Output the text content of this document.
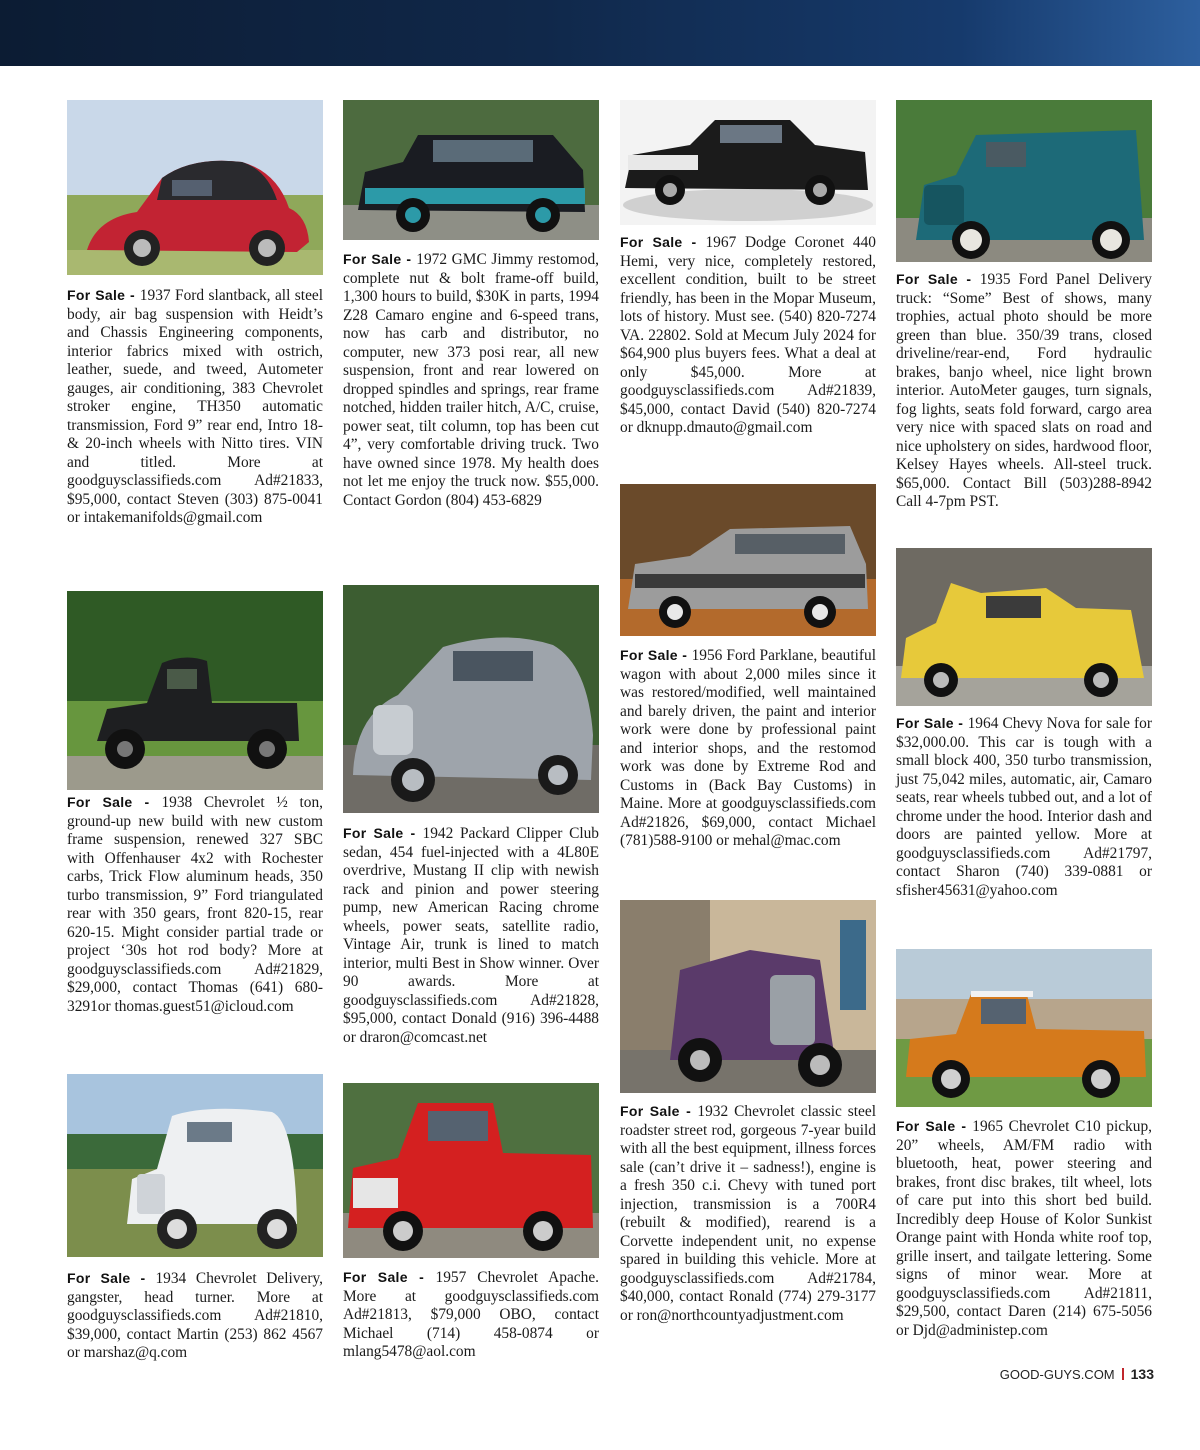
For Sale - 1937 Ford slantback, all steel body, air bag suspension with Heidt’s and Chassis Engineering components, interior fabrics mixed with ostrich, leather, suede, and tweed, Autometer gauges, air conditioning, 383 Chevrolet stroker engine, TH350 automatic transmission, Ford 9” rear end, Intro 18- & 20-inch wheels with Nitto tires. VIN and titled. More at goodguysclassifieds.com Ad#21833, $95,000, contact Steven (303) 875-0041 or intakemanifolds@gmail.com

For Sale - 1938 Chevrolet ½ ton, ground-up new build with new custom frame suspension, renewed 327 SBC with Offenhauser 4x2 with Rochester carbs, Trick Flow aluminum heads, 350 turbo transmission, 9” Ford triangulated rear with 350 gears, front 820-15, rear 620-15. Might consider partial trade or project ‘30s hot rod body? More at goodguysclassifieds.com Ad#21829, $29,000, contact Thomas (641) 680-3291or thomas.guest51@icloud.com

For Sale - 1934 Chevrolet Delivery, gangster, head turner. More at goodguysclassifieds.com Ad#21810, $39,000, contact Martin (253) 862 4567 or marshaz@q.com

For Sale - 1972 GMC Jimmy restomod, complete nut & bolt frame-off build, 1,300 hours to build, $30K in parts, 1994 Z28 Camaro engine and 6-speed trans, now has carb and distributor, no computer, new 373 posi rear, all new suspension, front and rear lowered on dropped spindles and springs, rear frame notched, hidden trailer hitch, A/C, cruise, power seat, tilt column, top has been cut 4”, very comfortable driving truck. Two have owned since 1978. My health does not let me enjoy the truck now. $55,000. Contact Gordon (804) 453-6829

For Sale - 1942 Packard Clipper Club sedan, 454 fuel-injected with a 4L80E overdrive, Mustang II clip with newish rack and pinion and power steering pump, new American Racing chrome wheels, power seats, satellite radio, Vintage Air, trunk is lined to match interior, multi Best in Show winner. Over 90 awards. More at goodguysclassifieds.com Ad#21828, $95,000, contact Donald (916) 396-4488 or draron@comcast.net

For Sale - 1957 Chevrolet Apache. More at goodguysclassifieds.com Ad#21813, $79,000 OBO, contact Michael (714) 458-0874 or mlang5478@aol.com

For Sale - 1967 Dodge Coronet 440 Hemi, very nice, completely restored, excellent condition, built to be street friendly, has been in the Mopar Museum, lots of history. Must see. (540) 820-7274 VA. 22802. Sold at Mecum July 2024 for $64,900 plus buyers fees. What a deal at only $45,000. More at goodguysclassifieds.com Ad#21839, $45,000, contact David (540) 820-7274 or dknupp.dmauto@gmail.com

For Sale - 1956 Ford Parklane, beautiful wagon with about 2,000 miles since it was restored/modified, well maintained and barely driven, the paint and interior work were done by professional paint and interior shops, and the restomod work was done by Extreme Rod and Customs in (Back Bay Customs) in Maine. More at goodguysclassifieds.com Ad#21826, $69,000, contact Michael (781)588-9100 or mehal@mac.com

For Sale - 1932 Chevrolet classic steel roadster street rod, gorgeous 7-year build with all the best equipment, illness forces sale (can’t drive it – sadness!), engine is a fresh 350 c.i. Chevy with tuned port injection, transmission is a 700R4 (rebuilt & modified), rearend is a Corvette independent unit, no expense spared in building this vehicle. More at goodguysclassifieds.com Ad#21784, $40,000, contact Ronald (774) 279-3177 or ron@northcountyadjustment.com

For Sale - 1935 Ford Panel Delivery truck: “Some” Best of shows, many trophies, actual photo should be more green than blue. 350/39 trans, closed driveline/rear-end, Ford hydraulic brakes, banjo wheel, nice light brown interior. AutoMeter gauges, turn signals, fog lights, seats fold forward, cargo area very nice with spaced slats on road and nice upholstery on sides, hardwood floor, Kelsey Hayes wheels. All-steel truck. $65,000. Contact Bill (503)288-8942 Call 4-7pm PST.

For Sale - 1964 Chevy Nova for sale for $32,000.00. This car is tough with a small block 400, 350 turbo transmission, just 75,042 miles, automatic, air, Camaro seats, rear wheels tubbed out, and a lot of chrome under the hood. Interior dash and doors are painted yellow. More at goodguysclassifieds.com Ad#21797, contact Sharon (740) 339-0881 or sfisher45631@yahoo.com

For Sale - 1965 Chevrolet C10 pickup, 20” wheels, AM/FM radio with bluetooth, heat, power steering and brakes, front disc brakes, tilt wheel, lots of care put into this short bed build. Incredibly deep House of Kolor Sunkist Orange paint with Honda white roof top, grille insert, and tailgate lettering. Some signs of minor wear. More at goodguysclassifieds.com Ad#21811, $29,500, contact Daren (214) 675-5056 or Djd@administep.com

GOOD-GUYS.COM 133
